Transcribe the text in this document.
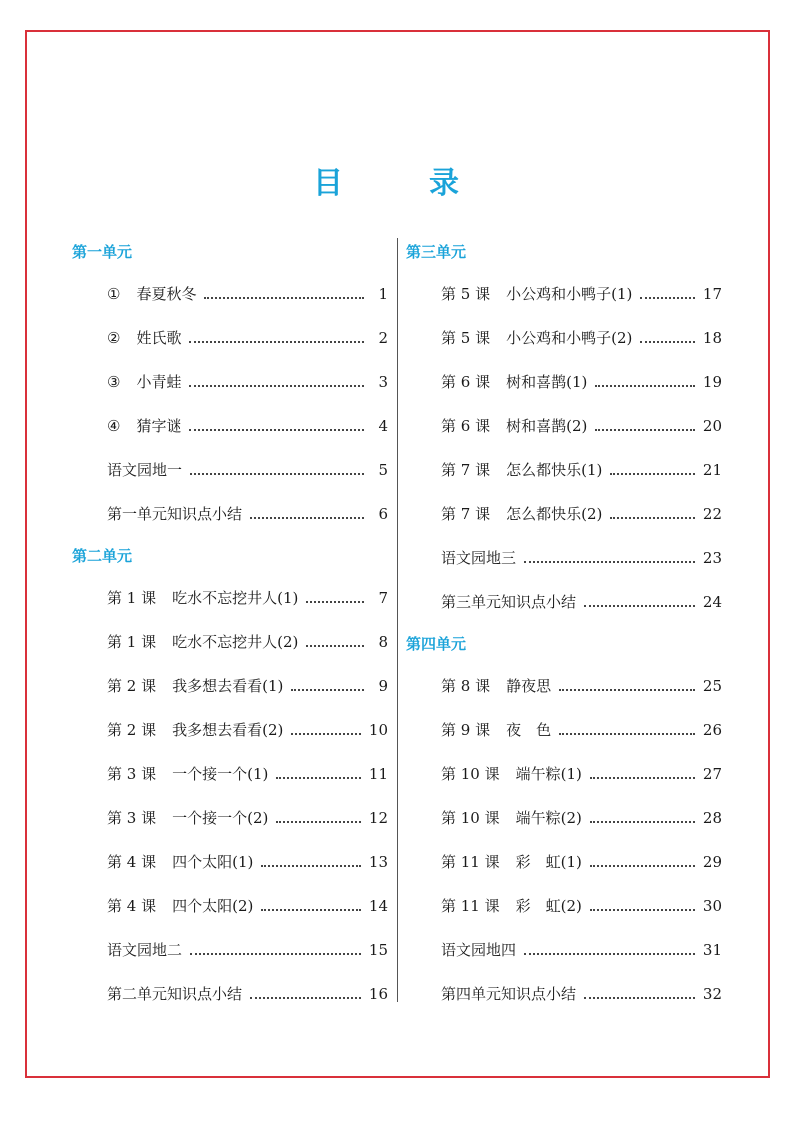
目　录
第一单元
① 春夏秋冬	1
② 姓氏歌	2
③ 小青蛙	3
④ 猜字谜	4
语文园地一	5
第一单元知识点小结	6
第二单元
第 1 课 吃水不忘挖井人(1)	7
第 1 课 吃水不忘挖井人(2)	8
第 2 课 我多想去看看(1)	9
第 2 课 我多想去看看(2)	10
第 3 课 一个接一个(1)	11
第 3 课 一个接一个(2)	12
第 4 课 四个太阳(1)	13
第 4 课 四个太阳(2)	14
语文园地二	15
第二单元知识点小结	16
第三单元
第 5 课 小公鸡和小鸭子(1)	17
第 5 课 小公鸡和小鸭子(2)	18
第 6 课 树和喜鹊(1)	19
第 6 课 树和喜鹊(2)	20
第 7 课 怎么都快乐(1)	21
第 7 课 怎么都快乐(2)	22
语文园地三	23
第三单元知识点小结	24
第四单元
第 8 课 静夜思	25
第 9 课 夜　色	26
第 10 课 端午粽(1)	27
第 10 课 端午粽(2)	28
第 11 课 彩　虹(1)	29
第 11 课 彩　虹(2)	30
语文园地四	31
第四单元知识点小结	32
